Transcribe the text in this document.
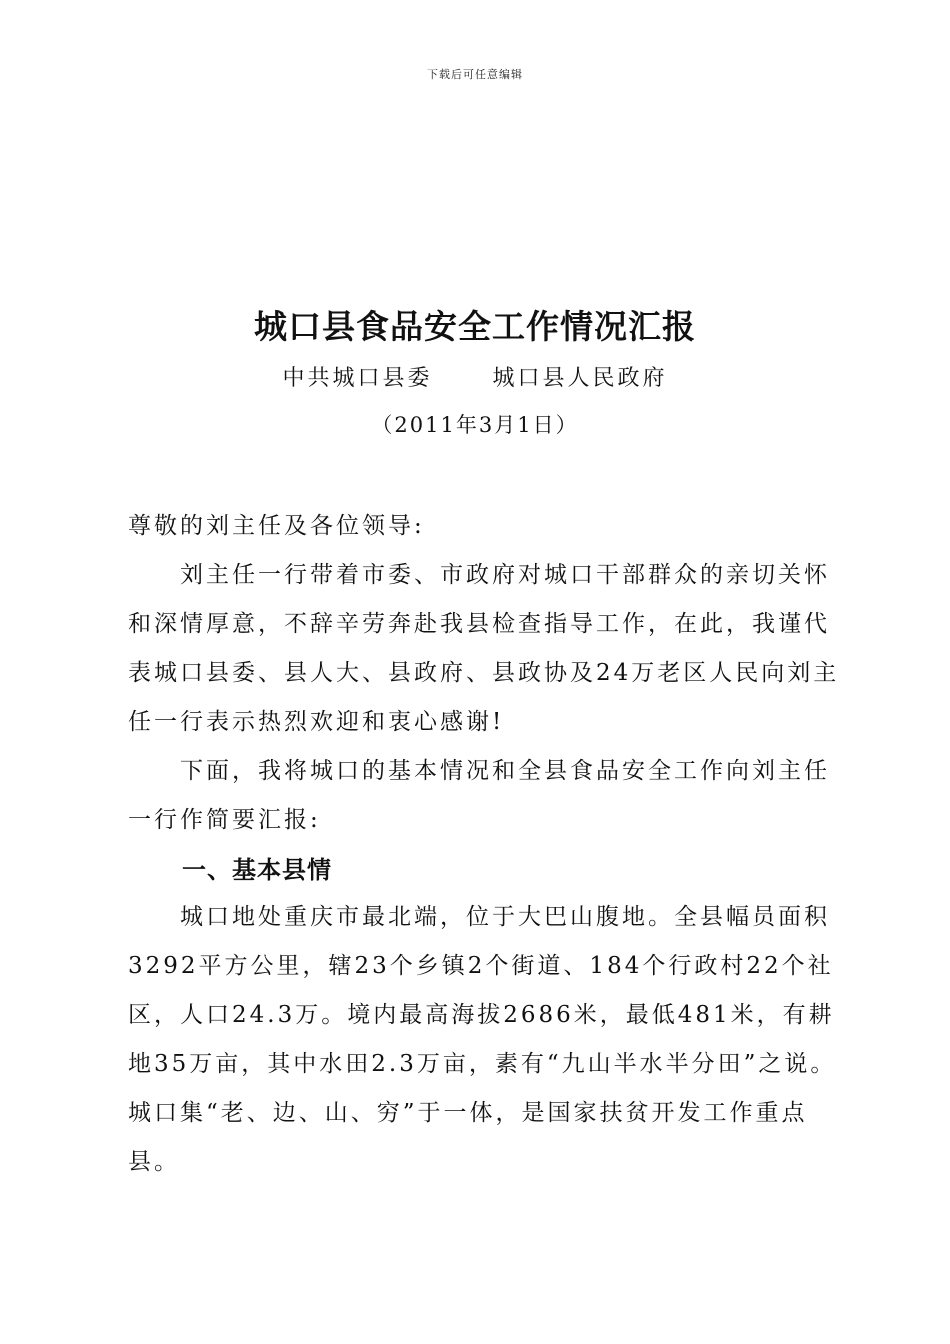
下载后可任意编辑
城口县食品安全工作情况汇报
中共城口县委	城口县人民政府
（2011年3月1日）

尊敬的刘主任及各位领导:

刘主任一行带着市委、市政府对城口干部群众的亲切关怀和深情厚意，不辞辛劳奔赴我县检查指导工作，在此，我谨代表城口县委、县人大、县政府、县政协及24万老区人民向刘主任一行表示热烈欢迎和衷心感谢!

下面，我将城口的基本情况和全县食品安全工作向刘主任一行作简要汇报:

一、基本县情

城口地处重庆市最北端，位于大巴山腹地。全县幅员面积3292平方公里，辖23个乡镇2个街道、184个行政村22个社区，人口24.3万。境内最高海拔2686米，最低481米，有耕地35万亩，其中水田2.3万亩，素有“九山半水半分田”之说。城口集“老、边、山、穷”于一体，是国家扶贫开发工作重点县。
